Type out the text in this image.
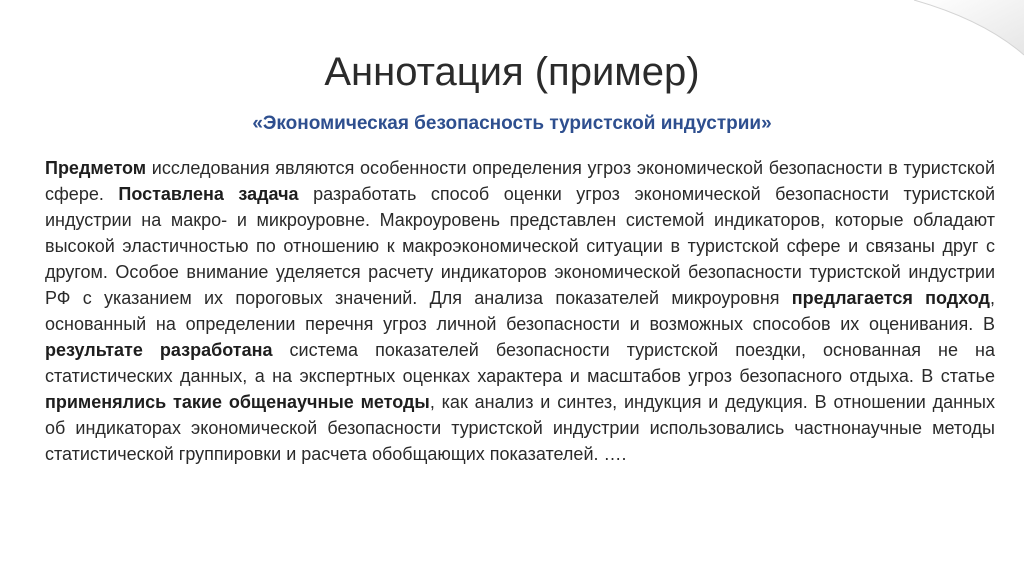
Аннотация (пример)

«Экономическая безопасность туристской индустрии»

Предметом исследования являются особенности определения угроз экономической безопасности в туристской сфере. Поставлена задача разработать способ оценки угроз экономической безопасности туристской индустрии на макро- и микроуровне. Макроуровень представлен системой индикаторов, которые обладают высокой эластичностью по отношению к макроэкономической ситуации в туристской сфере и связаны друг с другом. Особое внимание уделяется расчету индикаторов экономической безопасности туристской индустрии РФ с указанием их пороговых значений. Для анализа показателей микроуровня предлагается подход, основанный на определении перечня угроз личной безопасности и возможных способов их оценивания. В результате разработана система показателей безопасности туристской поездки, основанная не на статистических данных, а на экспертных оценках характера и масштабов угроз безопасного отдыха. В статье применялись такие общенаучные методы, как анализ и синтез, индукция и дедукция. В отношении данных об индикаторах экономической безопасности туристской индустрии использовались частнонаучные методы статистической группировки и расчета обобщающих показателей. ….
